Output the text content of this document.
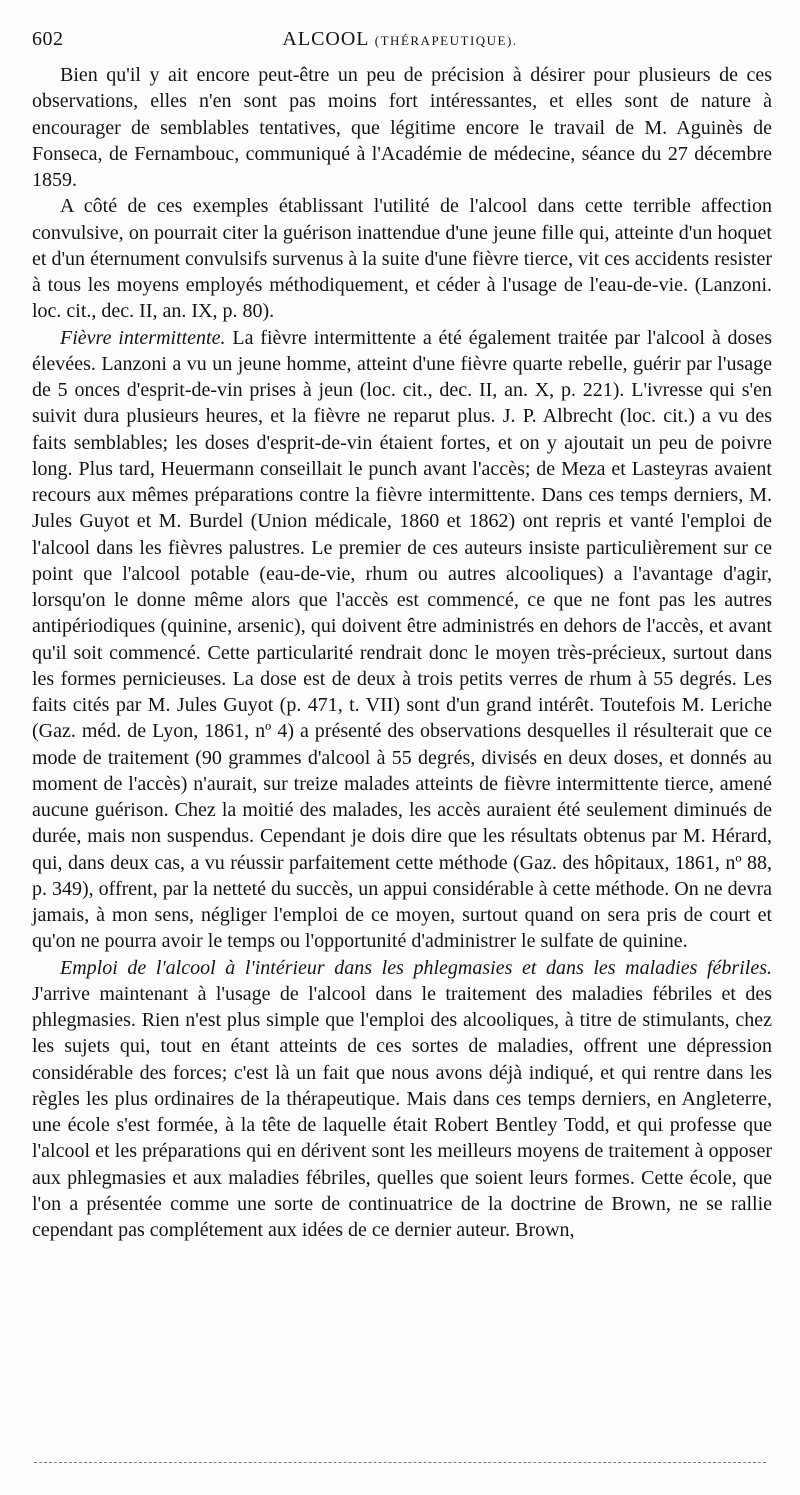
602	ALCOOL (THÉRAPEUTIQUE).

Bien qu'il y ait encore peut-être un peu de précision à désirer pour plusieurs de ces observations, elles n'en sont pas moins fort intéressantes, et elles sont de nature à encourager de semblables tentatives, que légitime encore le travail de M. Aguinès de Fonseca, de Fernambouc, communiqué à l'Académie de médecine, séance du 27 décembre 1859.

A côté de ces exemples établissant l'utilité de l'alcool dans cette terrible affection convulsive, on pourrait citer la guérison inattendue d'une jeune fille qui, atteinte d'un hoquet et d'un éternument convulsifs survenus à la suite d'une fièvre tierce, vit ces accidents resister à tous les moyens employés méthodiquement, et céder à l'usage de l'eau-de-vie. (Lanzoni. loc. cit., dec. II, an. IX, p. 80).

Fièvre intermittente. La fièvre intermittente a été également traitée par l'alcool à doses élevées. Lanzoni a vu un jeune homme, atteint d'une fièvre quarte rebelle, guérir par l'usage de 5 onces d'esprit-de-vin prises à jeun (loc. cit., dec. II, an. X, p. 221). L'ivresse qui s'en suivit dura plusieurs heures, et la fièvre ne reparut plus. J. P. Albrecht (loc. cit.) a vu des faits semblables; les doses d'esprit-de-vin étaient fortes, et on y ajoutait un peu de poivre long. Plus tard, Heuermann conseillait le punch avant l'accès; de Meza et Lasteyras avaient recours aux mêmes préparations contre la fièvre intermittente. Dans ces temps derniers, M. Jules Guyot et M. Burdel (Union médicale, 1860 et 1862) ont repris et vanté l'emploi de l'alcool dans les fièvres palustres. Le premier de ces auteurs insiste particulièrement sur ce point que l'alcool potable (eau-de-vie, rhum ou autres alcooliques) a l'avantage d'agir, lorsqu'on le donne même alors que l'accès est commencé, ce que ne font pas les autres antipériodiques (quinine, arsenic), qui doivent être administrés en dehors de l'accès, et avant qu'il soit commencé. Cette particularité rendrait donc le moyen très-précieux, surtout dans les formes pernicieuses. La dose est de deux à trois petits verres de rhum à 55 degrés. Les faits cités par M. Jules Guyot (p. 471, t. VII) sont d'un grand intérêt. Toutefois M. Leriche (Gaz. méd. de Lyon, 1861, nº 4) a présenté des observations desquelles il résulterait que ce mode de traitement (90 grammes d'alcool à 55 degrés, divisés en deux doses, et donnés au moment de l'accès) n'aurait, sur treize malades atteints de fièvre intermittente tierce, amené aucune guérison. Chez la moitié des malades, les accès auraient été seulement diminués de durée, mais non suspendus. Cependant je dois dire que les résultats obtenus par M. Hérard, qui, dans deux cas, a vu réussir parfaitement cette méthode (Gaz. des hôpitaux, 1861, nº 88, p. 349), offrent, par la netteté du succès, un appui considérable à cette méthode. On ne devra jamais, à mon sens, négliger l'emploi de ce moyen, surtout quand on sera pris de court et qu'on ne pourra avoir le temps ou l'opportunité d'administrer le sulfate de quinine.

Emploi de l'alcool à l'intérieur dans les phlegmasies et dans les maladies fébriles. J'arrive maintenant à l'usage de l'alcool dans le traitement des maladies fébriles et des phlegmasies. Rien n'est plus simple que l'emploi des alcooliques, à titre de stimulants, chez les sujets qui, tout en étant atteints de ces sortes de maladies, offrent une dépression considérable des forces; c'est là un fait que nous avons déjà indiqué, et qui rentre dans les règles les plus ordinaires de la thérapeutique. Mais dans ces temps derniers, en Angleterre, une école s'est formée, à la tête de laquelle était Robert Bentley Todd, et qui professe que l'alcool et les préparations qui en dérivent sont les meilleurs moyens de traitement à opposer aux phlegmasies et aux maladies fébriles, quelles que soient leurs formes. Cette école, que l'on a présentée comme une sorte de continuatrice de la doctrine de Brown, ne se rallie cependant pas complétement aux idées de ce dernier auteur. Brown,
